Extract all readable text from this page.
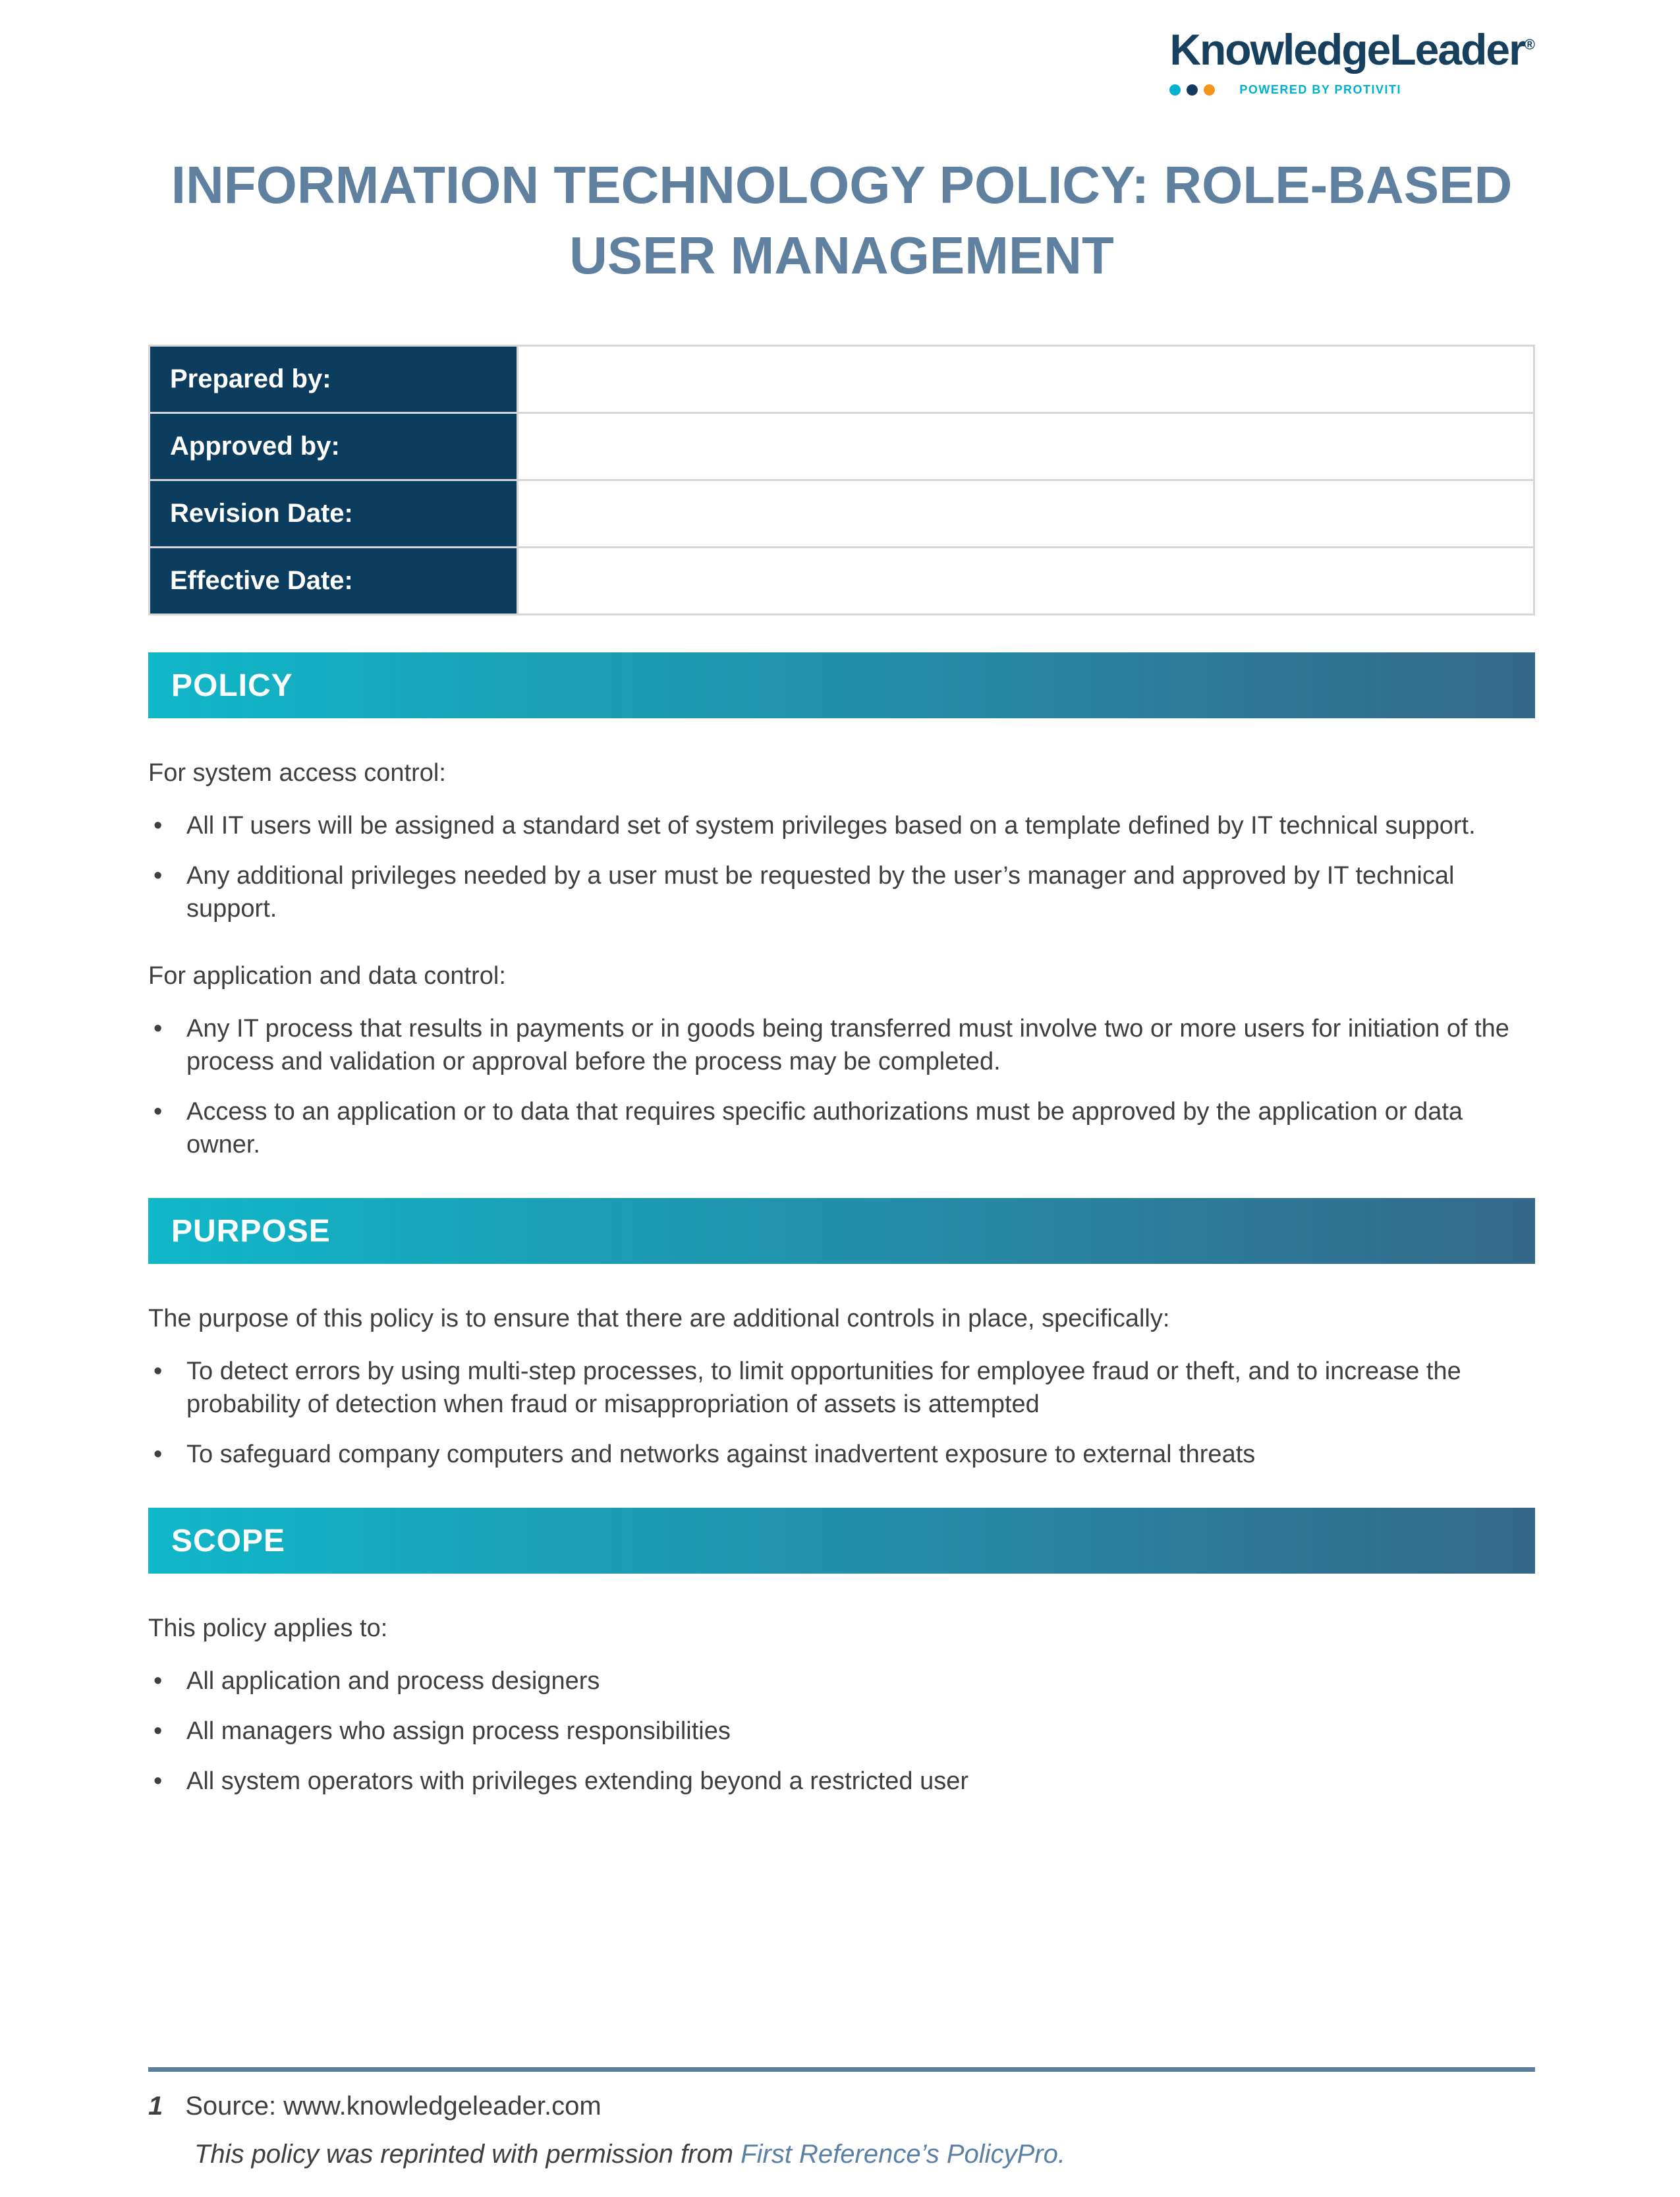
KnowledgeLeader®
POWERED BY PROTIVITI
INFORMATION TECHNOLOGY POLICY: ROLE-BASED
USER MANAGEMENT
Prepared by:	
Approved by:	
Revision Date:	
Effective Date:	
POLICY

For system access control:

• All IT users will be assigned a standard set of system privileges based on a template defined by IT technical support.
• Any additional privileges needed by a user must be requested by the user’s manager and approved by IT technical support.

For application and data control:

• Any IT process that results in payments or in goods being transferred must involve two or more users for initiation of the process and validation or approval before the process may be completed.
• Access to an application or to data that requires specific authorizations must be approved by the application or data owner.
PURPOSE

The purpose of this policy is to ensure that there are additional controls in place, specifically:

• To detect errors by using multi-step processes, to limit opportunities for employee fraud or theft, and to increase the probability of detection when fraud or misappropriation of assets is attempted
• To safeguard company computers and networks against inadvertent exposure to external threats
SCOPE

This policy applies to:

• All application and process designers
• All managers who assign process responsibilities
• All system operators with privileges extending beyond a restricted user
1 Source: www.knowledgeleader.com
This policy was reprinted with permission from First Reference’s PolicyPro.
